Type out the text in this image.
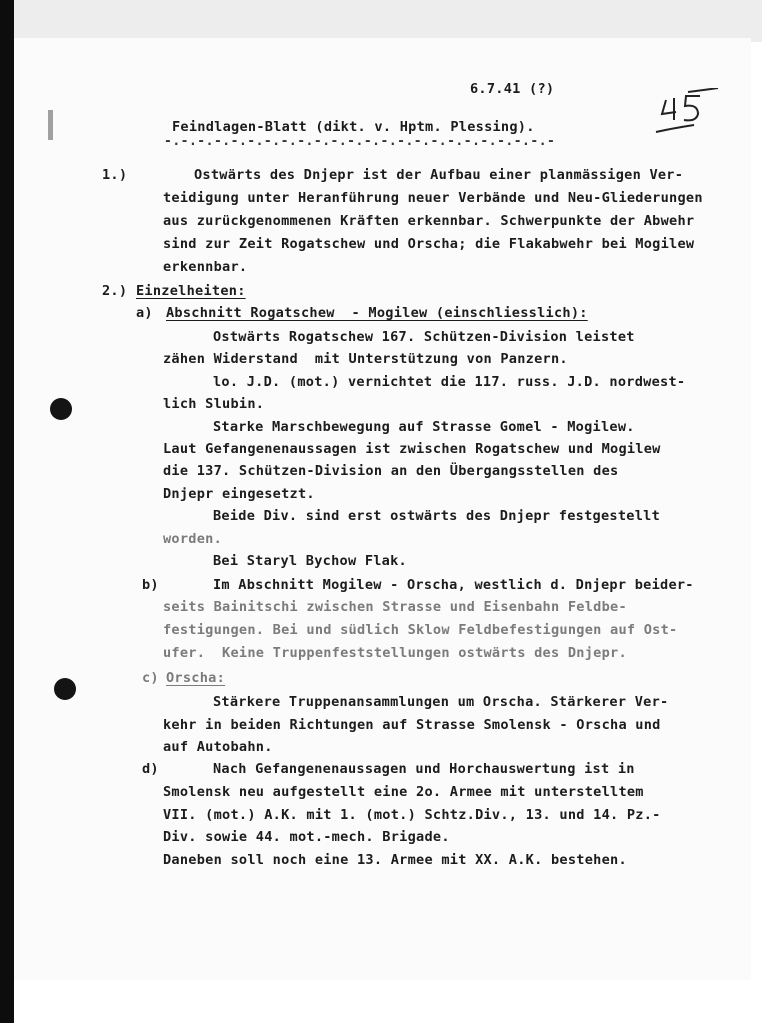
6.7.41 (?)
Feindlagen-Blatt (dikt. v. Hptm. Plessing).
-.-.-.-.-.-.-.-.-.-.-.-.-.-.-.-.-.-.-.-.-.-.-.-
1.)	Ostwärts des Dnjepr ist der Aufbau einer planmässigen Ver-
teidigung unter Heranführung neuer Verbände und Neu-Gliederungen
aus zurückgenommenen Kräften erkennbar. Schwerpunkte der Abwehr
sind zur Zeit Rogatschew und Orscha; die Flakabwehr bei Mogilew
erkennbar.
2.) Einzelheiten:
a) Abschnitt Rogatschew  - Mogilew (einschliesslich):
Ostwärts Rogatschew 167. Schützen-Division leistet
zähen Widerstand  mit Unterstützung von Panzern.
lo. J.D. (mot.) vernichtet die 117. russ. J.D. nordwest-
lich Slubin.
Starke Marschbewegung auf Strasse Gomel - Mogilew.
Laut Gefangenenaussagen ist zwischen Rogatschew und Mogilew
die 137. Schützen-Division an den Übergangsstellen des
Dnjepr eingesetzt.
Beide Div. sind erst ostwärts des Dnjepr festgestellt
worden.
Bei Staryl Bychow Flak.
b)	Im Abschnitt Mogilew - Orscha, westlich d. Dnjepr beider-
seits Bainitschi zwischen Strasse und Eisenbahn Feldbe-
festigungen. Bei und südlich Sklow Feldbefestigungen auf Ost-
ufer.  Keine Truppenfeststellungen ostwärts des Dnjepr.
c) Orscha:
Stärkere Truppenansammlungen um Orscha. Stärkerer Ver-
kehr in beiden Richtungen auf Strasse Smolensk - Orscha und
auf Autobahn.
d)	Nach Gefangenenaussagen und Horchauswertung ist in
Smolensk neu aufgestellt eine 2o. Armee mit unterstelltem
VII. (mot.) A.K. mit 1. (mot.) Schtz.Div., 13. und 14. Pz.-
Div. sowie 44. mot.-mech. Brigade.
Daneben soll noch eine 13. Armee mit XX. A.K. bestehen.
